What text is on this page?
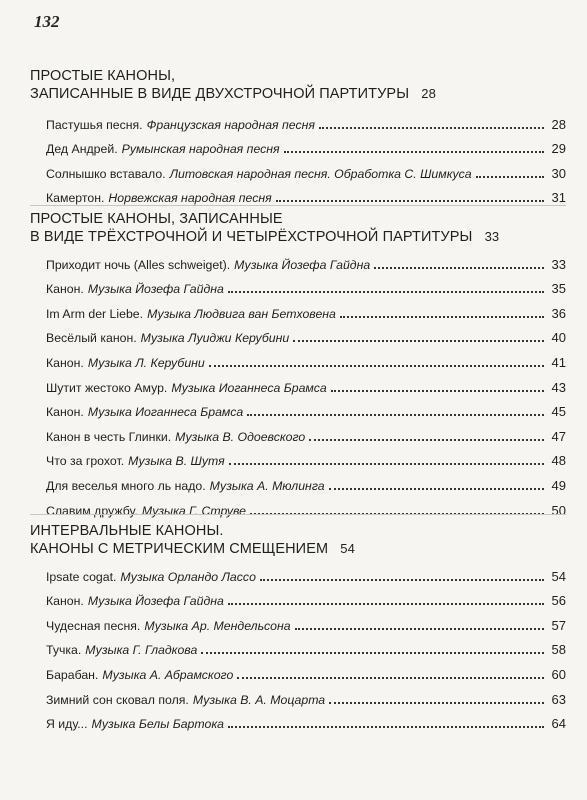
132
ПРОСТЫЕ КАНОНЫ,
ЗАПИСАННЫЕ В ВИДЕ ДВУХСТРОЧНОЙ ПАРТИТУРЫ 28
Пастушья песня. Французская народная песня	28
Дед Андрей. Румынская народная песня	29
Солнышко вставало. Литовская народная песня. Обработка С. Шимкуса	30
Камертон. Норвежская народная песня	31
ПРОСТЫЕ КАНОНЫ, ЗАПИСАННЫЕ
В ВИДЕ ТРЁХСТРОЧНОЙ И ЧЕТЫРЁХСТРОЧНОЙ ПАРТИТУРЫ 33
Приходит ночь (Alles schweiget). Музыка Йозефа Гайдна	33
Канон. Музыка Йозефа Гайдна	35
Im Arm der Liebe. Музыка Людвига ван Бетховена	36
Весёлый канон. Музыка Луиджи Керубини	40
Канон. Музыка Л. Керубини	41
Шутит жестоко Амур. Музыка Иоганнеса Брамса	43
Канон. Музыка Иоганнеса Брамса	45
Канон в честь Глинки. Музыка В. Одоевского	47
Что за грохот. Музыка В. Шутя	48
Для веселья много ль надо. Музыка А. Мюлинга	49
Славим дружбу. Музыка Г. Струве	50
ИНТЕРВАЛЬНЫЕ КАНОНЫ.
КАНОНЫ С МЕТРИЧЕСКИМ СМЕЩЕНИЕМ 54
Ipsate cogat. Музыка Орландо Лассо	54
Канон. Музыка Йозефа Гайдна	56
Чудесная песня. Музыка Ар. Мендельсона	57
Тучка. Музыка Г. Гладкова	58
Барабан. Музыка А. Абрамского	60
Зимний сон сковал поля. Музыка В. А. Моцарта	63
Я иду... Музыка Белы Бартока	64
